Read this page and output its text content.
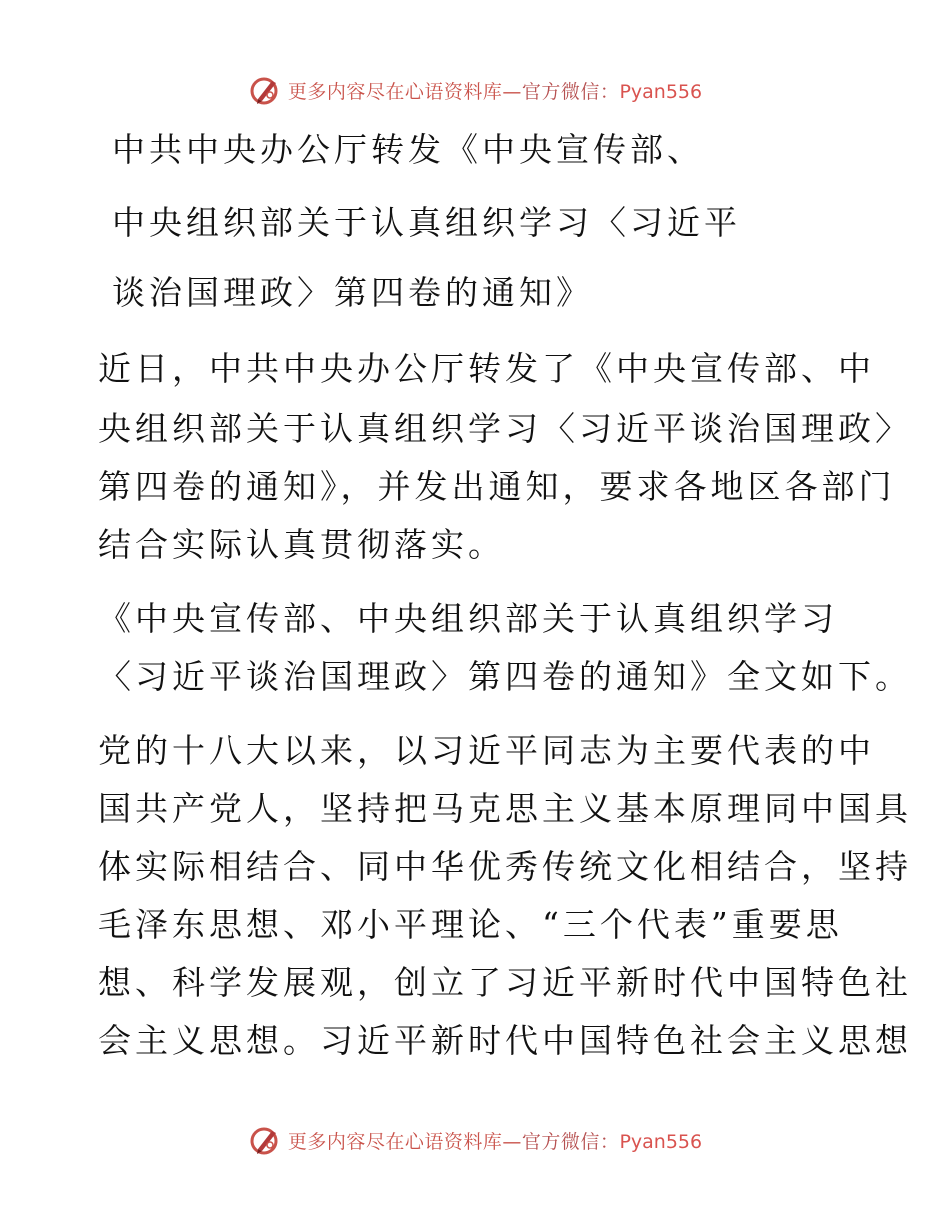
更多内容尽在心语资料库—官方微信：Pyan556
中共中央办公厅转发《中央宣传部、
中央组织部关于认真组织学习〈习近平
谈治国理政〉第四卷的通知》
近日，中共中央办公厅转发了《中央宣传部、中
央组织部关于认真组织学习〈习近平谈治国理政〉
第四卷的通知》，并发出通知，要求各地区各部门
结合实际认真贯彻落实。
《中央宣传部、中央组织部关于认真组织学习
〈习近平谈治国理政〉第四卷的通知》全文如下。
党的十八大以来，以习近平同志为主要代表的中
国共产党人，坚持把马克思主义基本原理同中国具
体实际相结合、同中华优秀传统文化相结合，坚持
毛泽东思想、邓小平理论、“三个代表”重要思
想、科学发展观，创立了习近平新时代中国特色社
会主义思想。习近平新时代中国特色社会主义思想
更多内容尽在心语资料库—官方微信：Pyan556
